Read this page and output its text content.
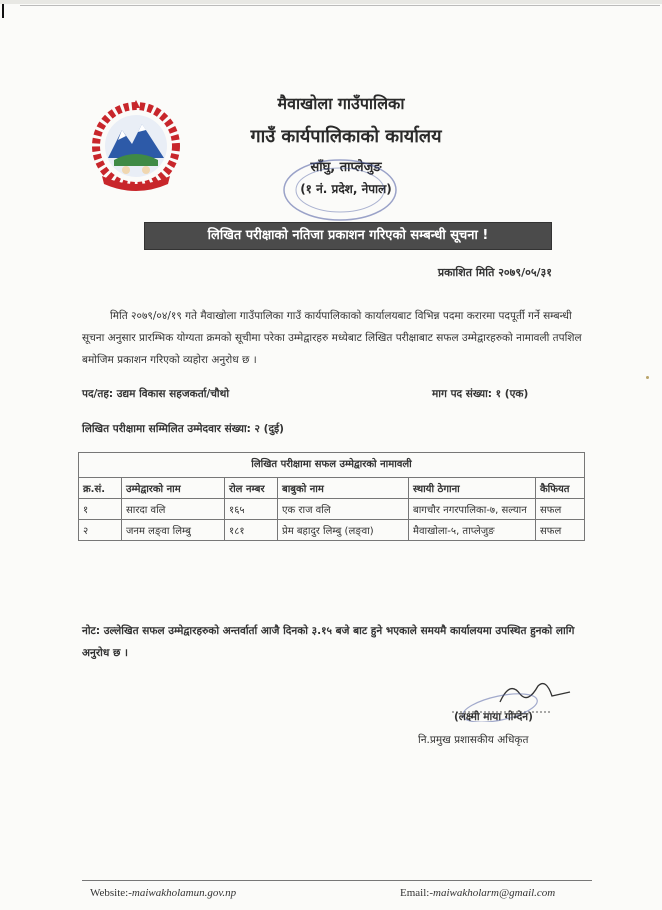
मैवाखोला गाउँपालिका
गाउँ कार्यपालिकाको कार्यालय
साँघु, ताप्लेजुङ
(१ नं. प्रदेश, नेपाल)
लिखित परीक्षाको नतिजा प्रकाशन गरिएको सम्बन्धी सूचना !
प्रकाशित मिति २०७९/०५/३१
मिति २०७९/०४/१९ गते मैवाखोला गाउँपालिका गाउँ कार्यपालिकाको कार्यालयबाट विभिन्न पदमा करारमा पदपूर्ती गर्ने सम्बन्धी सूचना अनुसार प्रारम्भिक योग्यता क्रमको सूचीमा परेका उम्मेद्वारहरु मध्येबाट लिखित परीक्षाबाट सफल उम्मेद्वारहरुको नामावली तपशिल बमोजिम प्रकाशन गरिएको व्यहोरा अनुरोध छ ।
पद/तह: उद्यम विकास सहजकर्ता/चौथो	माग पद संख्या: १ (एक)
लिखित परीक्षामा सम्मिलित उम्मेदवार संख्या: २ (दुई)
लिखित परीक्षामा सफल उम्मेद्वारको नामावली					
क्र.सं.	उम्मेद्वारको नाम	रोल नम्बर	बाबुको नाम	स्थायी ठेगाना	कैफियत
१	सारदा वलि	१६५	एक राज वलि	बागचौर नगरपालिका-७, सल्यान	सफल
२	जनम लङ्वा लिम्बु	१८१	प्रेम बहादुर लिम्बु (लङ्वा)	मैवाखोला-५, ताप्लेजुङ	सफल
नोट: उल्लेखित सफल उम्मेद्वारहरुको अन्तर्वार्ता आजै दिनको ३.१५ बजे बाट हुने भएकाले समयमै कार्यालयमा उपस्थित हुनको लागि अनुरोध छ ।
(लक्ष्मी माया गोम्देन)
नि.प्रमुख प्रशासकीय अधिकृत
Website:-maiwakholamun.gov.np	Email:-maiwakholarm@gmail.com
